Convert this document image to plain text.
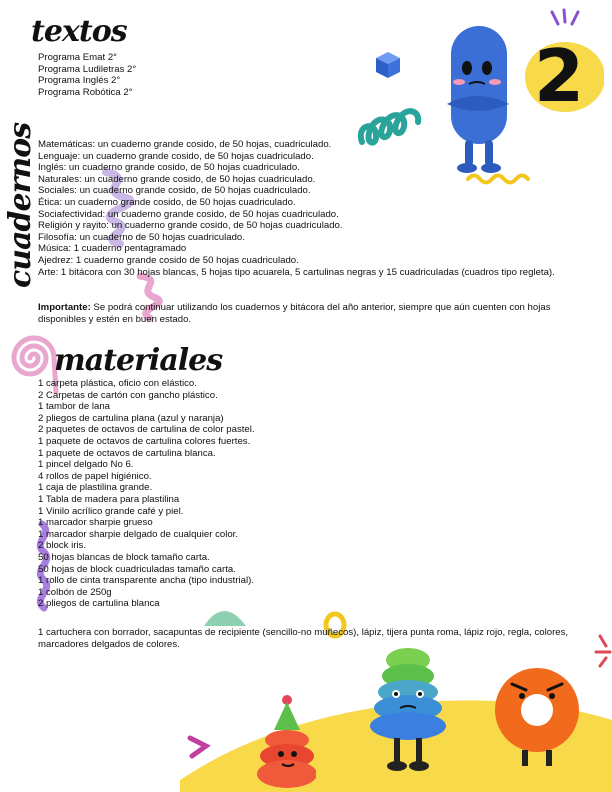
2
textos
Programa Emat 2°
Programa Ludiletras 2°
Programa Inglés 2°
Programa Robótica 2°
cuadernos Matemáticas: un cuaderno grande cosido, de 50 hojas, cuadriculado.
Lenguaje: un cuaderno grande cosido, de 50 hojas cuadriculado.
Inglés: un cuaderno grande cosido, de 50 hojas cuadriculado.
Naturales: un cuaderno grande cosido, de 50 hojas cuadriculado.
Sociales: un cuaderno grande cosido, de 50 hojas cuadriculado.
Ética: un cuaderno grande cosido, de 50 hojas cuadriculado.
Sociafectividad: un cuaderno grande cosido, de 50 hojas cuadriculado.
Religión y rayito: un cuaderno grande cosido, de 50 hojas cuadriculado.
Filosofía: un cuaderno de 50 hojas cuadriculado.
Música: 1 cuaderno pentagramado
Ajedrez: 1 cuaderno grande cosido de 50 hojas cuadriculado.
Arte: 1 bitácora con 30 hojas blancas, 5 hojas tipo acuarela, 5 cartulinas negras y 15 cuadriculadas (cuadros tipo regleta).
Importante: Se podrá continuar utilizando los cuadernos y bitácora del año anterior, siempre que aún cuenten con hojas disponibles y estén en buen estado.
materiales
1 carpeta plástica, oficio con elástico.
2 Carpetas de cartón con gancho plástico.
1 tambor de lana
2 pliegos de cartulina plana (azul y naranja)
2 paquetes de octavos de cartulina de color pastel.
1 paquete de octavos de cartulina colores fuertes.
1 paquete de octavos de cartulina blanca.
1 pincel delgado No 6.
4 rollos de papel higiénico.
1 caja de plastilina grande.
1 Tabla de madera para plastilina
1 Vinilo acrílico grande café y piel.
1 marcador sharpie grueso
1 marcador sharpie delgado de cualquier color.
2 block iris.
50 hojas blancas de block tamaño carta.
50 hojas de block cuadriculadas tamaño carta.
1 rollo de cinta transparente ancha (tipo industrial).
1 colbón de 250g
2 pliegos de cartulina blanca
1 cartuchera con borrador, sacapuntas de recipiente (sencillo-no muñecos), lápiz, tijera punta roma, lápiz rojo, regla, colores, marcadores delgados de colores.
